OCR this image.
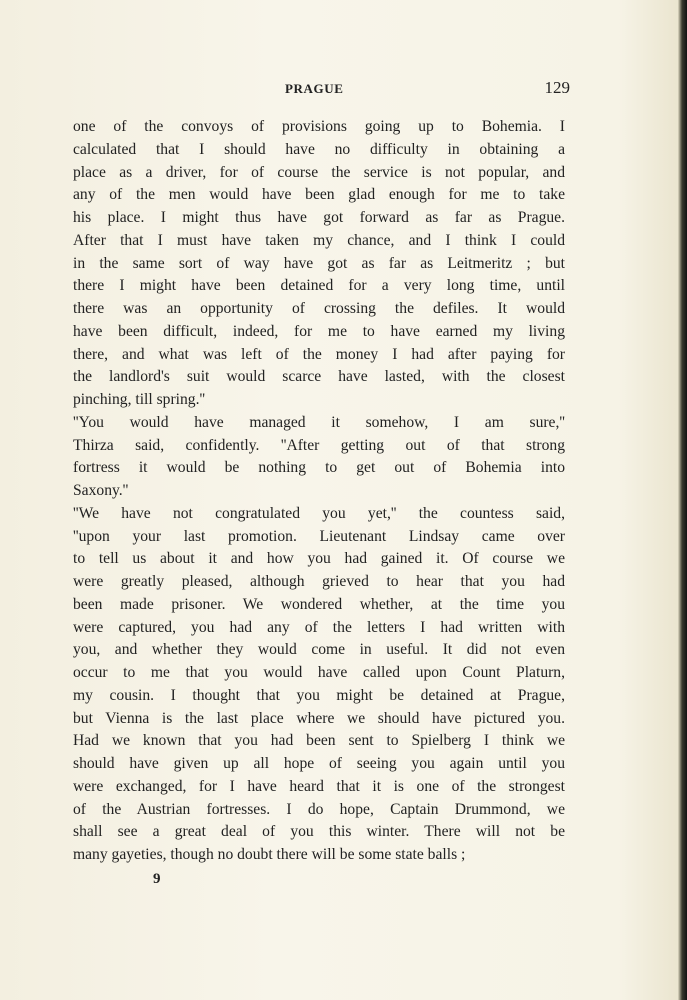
PRAGUE	129
one of the convoys of provisions going up to Bohemia. I
calculated that I should have no difficulty in obtaining a
place as a driver, for of course the service is not popular, and
any of the men would have been glad enough for me to take
his place. I might thus have got forward as far as Prague.
After that I must have taken my chance, and I think I could
in the same sort of way have got as far as Leitmeritz ; but
there I might have been detained for a very long time, until
there was an opportunity of crossing the defiles. It would
have been difficult, indeed, for me to have earned my living
there, and what was left of the money I had after paying for
the landlord's suit would scarce have lasted, with the closest
pinching, till spring.''
''You would have managed it somehow, I am sure,''
Thirza said, confidently. ''After getting out of that strong
fortress it would be nothing to get out of Bohemia into
Saxony.''
''We have not congratulated you yet,'' the countess said,
''upon your last promotion. Lieutenant Lindsay came over
to tell us about it and how you had gained it. Of course we
were greatly pleased, although grieved to hear that you had
been made prisoner. We wondered whether, at the time you
were captured, you had any of the letters I had written with
you, and whether they would come in useful. It did not even
occur to me that you would have called upon Count Platurn,
my cousin. I thought that you might be detained at Prague,
but Vienna is the last place where we should have pictured you.
Had we known that you had been sent to Spielberg I think we
should have given up all hope of seeing you again until you
were exchanged, for I have heard that it is one of the strongest
of the Austrian fortresses. I do hope, Captain Drummond, we
shall see a great deal of you this winter. There will not be
many gayeties, though no doubt there will be some state balls ;
9
